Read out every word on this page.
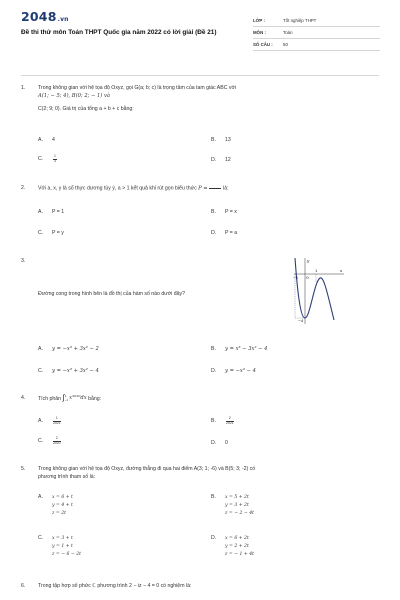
2048.vn
Đề thi thử môn Toán THPT Quốc gia năm 2022 có lời giải (Đề 21)
LỚP :	Tốt nghiệp THPT
MÔN :	Toán
SỐ CÂU :	50
1. Trong không gian với hệ tọa độ Oxyz, gọi G(a; b; c) là trọng tâm của tam giác ABC với
A(1; − 5; 4), B(0; 2; − 1) và
C(2; 9; 0). Giá trị của tổng a + b + c bằng:
A. 4	B. 13
C.	$\frac{1}{3}$	D. 12
2. Với a, x, y là số thực dương tùy ý, a > 1 kết quả khi rút gọn biểu thức P =

	là:
A. P = 1	B. P = x
C. P = y	D. P = a
3.
Đường cong trong hình bên là đồ thị của hàm số nào dưới đây?
x
y
O
−1
1
−4
A. y = −x³ + 3x² − 2	B. y = x³ − 3x² − 4
C. y = −x³ + 3x² − 4	D. y = −x³ − 4
4. Tích phân ∫ 1
−1 x²⁰²⁰dx bằng:
A.	$\frac{1}{2021}$	B.	$\frac{2}{2021}$
C.	$\frac{2}{2020}$	D. 0
5. Trong không gian với hệ tọa độ Oxyz, đường thẳng đi qua hai điểm A(3; 1; -6) và B(5; 3; -2) có
phương trình tham số là:
A. x = 6 + t
y = 4 + t
z = 2t
B. x = 5 + 2t
y = 3 + 2t
z = − 2 − 4t
C. x = 3 + t
y = 1 + t
z = − 6 − 2t
D. x = 6 + 2t
y = 2 + 2t
z = − 1 + 4t
6. Trong tập hợp số phức ℂ phương trình 2 − iz − 4 = 0 có nghiệm là:
